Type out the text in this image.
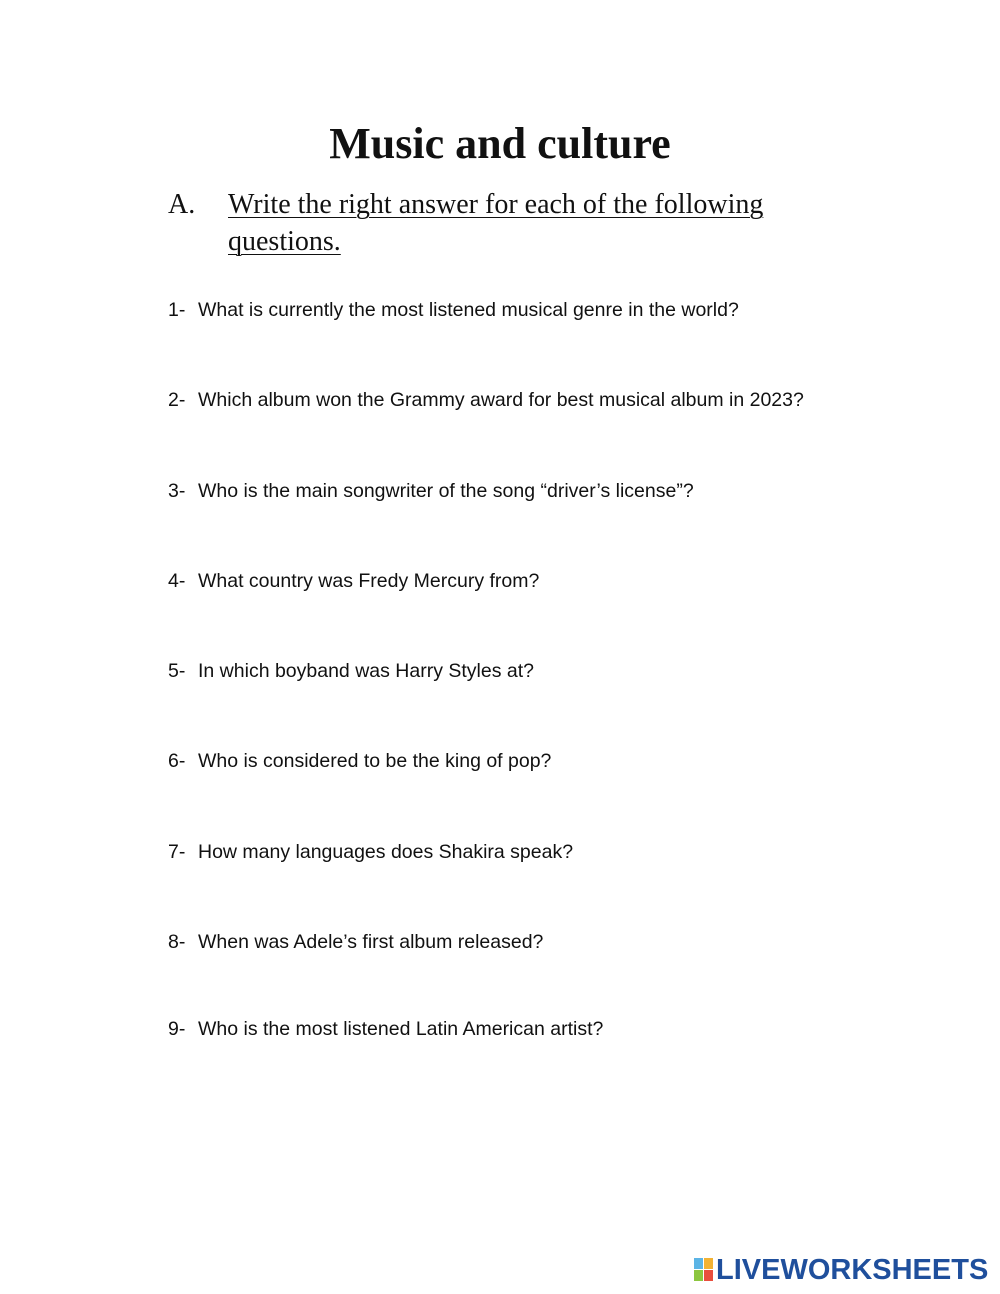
Music and culture
A. Write the right answer for each of the following questions.
1- What is currently the most listened musical genre in the world?
2- Which album won the Grammy award for best musical album in 2023?
3- Who is the main songwriter of the song “driver’s license”?
4- What country was Fredy Mercury from?
5- In which boyband was Harry Styles at?
6- Who is considered to be the king of pop?
7- How many languages does Shakira speak?
8- When was Adele’s first album released?
9- Who is the most listened Latin American artist?
LIVEWORKSHEETS
